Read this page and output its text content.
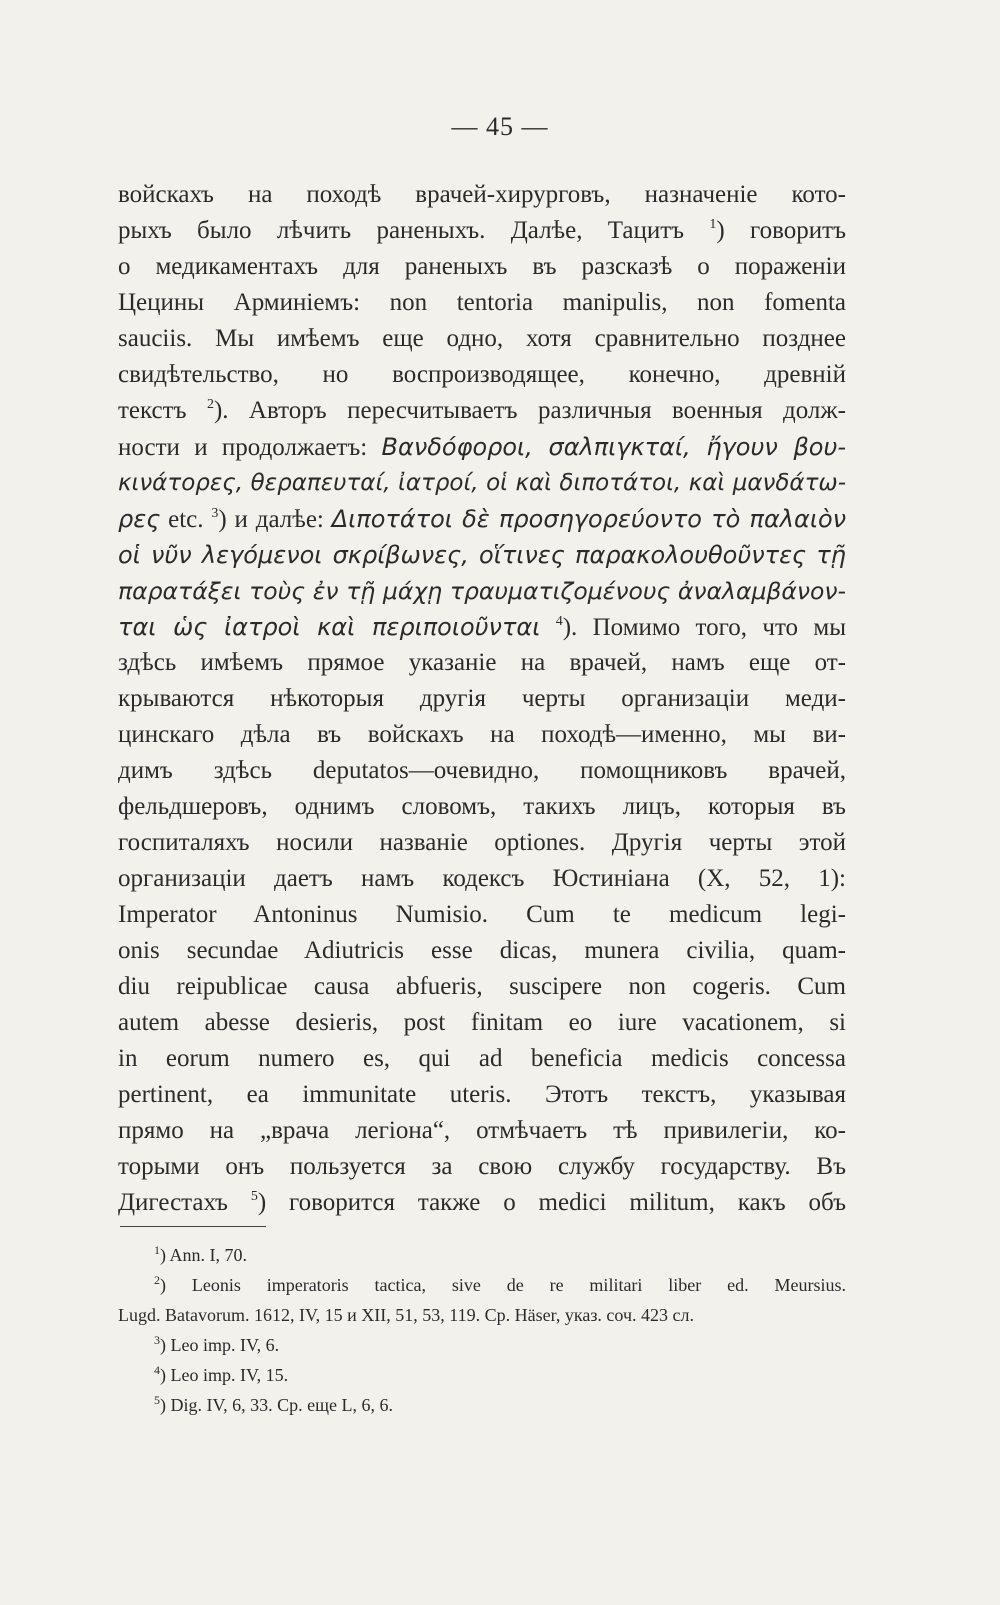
— 45 —
войскахъ на походѣ врачей-хирурговъ, назначеніе кото-
рыхъ было лѣчить раненыхъ. Далѣе, Тацитъ $^1$) говоритъ
о медикаментахъ для раненыхъ въ разсказѣ о пораженіи
Цецины Арминіемъ: non tentoria manipulis, non fomenta
sauciis. Мы имѣемъ еще одно, хотя сравнительно позднее
свидѣтельство, но воспроизводящее, конечно, древній
текстъ $^2$). Авторъ пересчитываетъ различныя военныя долж-
ности и продолжаетъ: Βανδόφοροι, σαλπιγκταί, ἤγουν βου-
κινάτορες, θεραπευταί, ἰατροί, οἱ καὶ διποτάτοι, καὶ μανδάτω-
ρες etc. $^3$) и далѣе: Διποτάτοι δὲ προσηγορεύοντο τὸ παλαιὸν
οἱ νῦν λεγόμενοι σκρίβωνες, οἵτινες παρακολουθοῦντες τῇ
παρατάξει τοὺς ἐν τῇ μάχῃ τραυματιζομένους ἀναλαμβάνον-
ται ὡς ἰατροὶ καὶ περιποιοῦνται $^4$). Помимо того, что мы
здѣсь имѣемъ прямое указаніе на врачей, намъ еще от-
крываются нѣкоторыя другія черты организаціи меди-
цинскаго дѣла въ войскахъ на походѣ—именно, мы ви-
димъ здѣсь deputatos—очевидно, помощниковъ врачей,
фельдшеровъ, однимъ словомъ, такихъ лицъ, которыя въ
госпиталяхъ носили названіе optiones. Другія черты этой
организаціи даетъ намъ кодексъ Юстиніана (X, 52, 1):
Imperator Antoninus Numisio. Cum te medicum legi-
onis secundae Adiutricis esse dicas, munera civilia, quam-
diu reipublicae causa abfueris, suscipere non cogeris. Cum
autem abesse desieris, post finitam eo iure vacationem, si
in eorum numero es, qui ad beneficia medicis concessa
pertinent, ea immunitate uteris. Этотъ текстъ, указывая
прямо на „врача легіона“, отмѣчаетъ тѣ привилегіи, ко-
торыми онъ пользуется за свою службу государству. Въ
Дигестахъ $^5$) говорится также о medici militum, какъ объ
$^1$) Ann. I, 70.
$^2$) Leonis imperatoris tactica, sive de re militari liber ed. Meursius.
Lugd. Batavorum. 1612, IV, 15 и XII, 51, 53, 119. Ср. Häser, указ. соч. 423 сл.
$^3$) Leo imp. IV, 6.
$^4$) Leo imp. IV, 15.
$^5$) Dig. IV, 6, 33. Ср. еще L, 6, 6.
